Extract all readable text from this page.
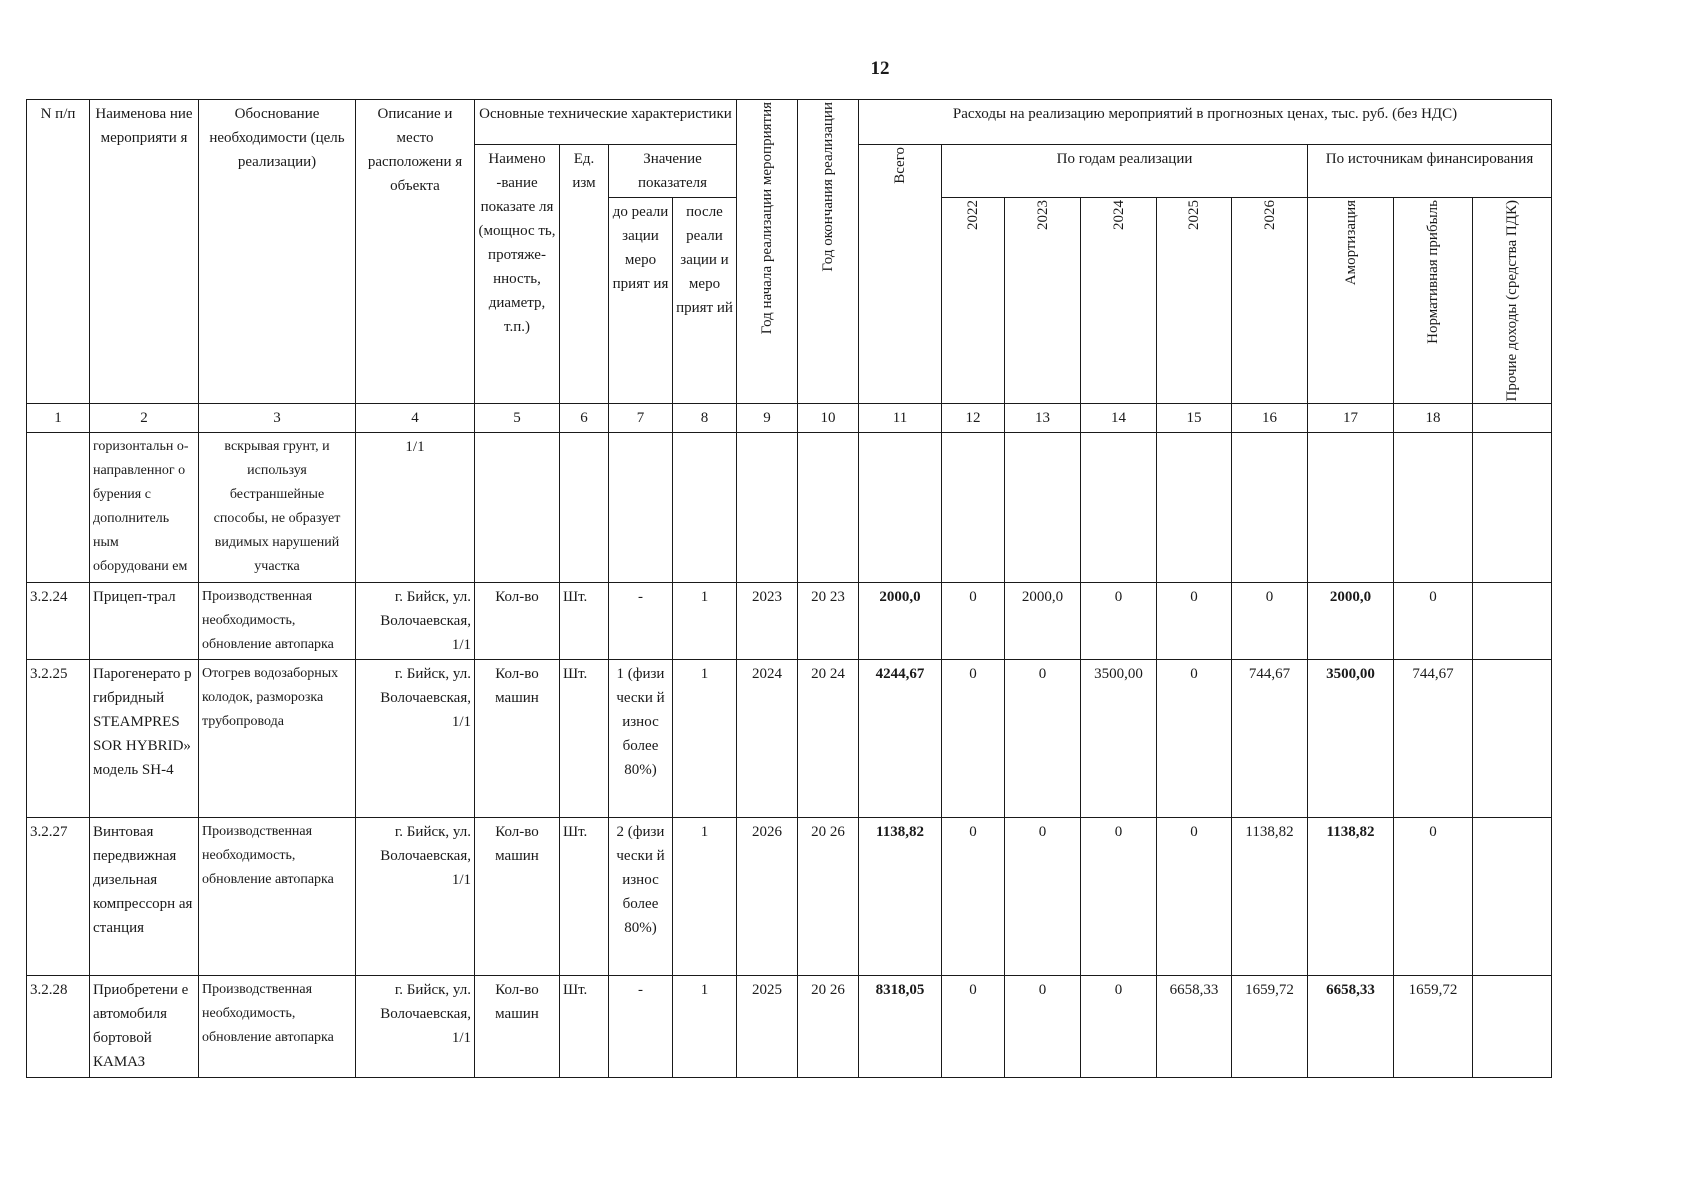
12
N п/п	Наименова ние мероприяти я	Обоснование необходимости (цель реализации)	Описание и место расположени я объекта	Основные технические характеристики				Год начала реализации мероприятия	Год окончания реализации	Расходы на реализацию мероприятий в прогнозных ценах, тыс. руб. (без НДС)								
				Наимено -вание показате ля (мощнос ть, протяже- нность, диаметр, т.п.)	Ед. изм	Значение показателя				Всего	По годам реализации					По источникам финансирования		
						до реали зации меро прият ия	после реали зации и меро прият ий				2022	2023	2024	2025	2026	Амортизация	Нормативная прибыль	Прочие доходы (средства ПДК)

1	2	3	4	5	6	7	8	9	10	11	12	13	14	15	16	17	18	
	горизонтальн о- направленног о бурения с дополнитель ным оборудовани ем	вскрывая грунт, и используя бестраншейные способы, не образует видимых нарушений участка	1/1															
3.2.24	Прицеп-трал	Производственная необходимость, обновление автопарка	г. Бийск, ул. Волочаевская, 1/1	Кол-во	Шт.	-	1	2023	20 23	2000,0	0	2000,0	0	0	0	2000,0	0	
3.2.25	Парогенерато р гибридный STEAMPRES SOR HYBRID» модель SH-4	Отогрев водозаборных колодок, разморозка трубопровода	г. Бийск, ул. Волочаевская, 1/1	Кол-во машин	Шт.	1 (физи чески й износ более 80%)	1	2024	20 24	4244,67	0	0	3500,00	0	744,67	3500,00	744,67	
3.2.27	Винтовая передвижная дизельная компрессорн ая станция	Производственная необходимость, обновление автопарка	г. Бийск, ул. Волочаевская, 1/1	Кол-во машин	Шт.	2 (физи чески й износ более 80%)	1	2026	20 26	1138,82	0	0	0	0	1138,82	1138,82	0	
3.2.28	Приобретени е автомобиля бортовой КАМАЗ	Производственная необходимость, обновление автопарка	г. Бийск, ул. Волочаевская, 1/1	Кол-во машин	Шт.	-	1	2025	20 26	8318,05	0	0	0	6658,33	1659,72	6658,33	1659,72	
